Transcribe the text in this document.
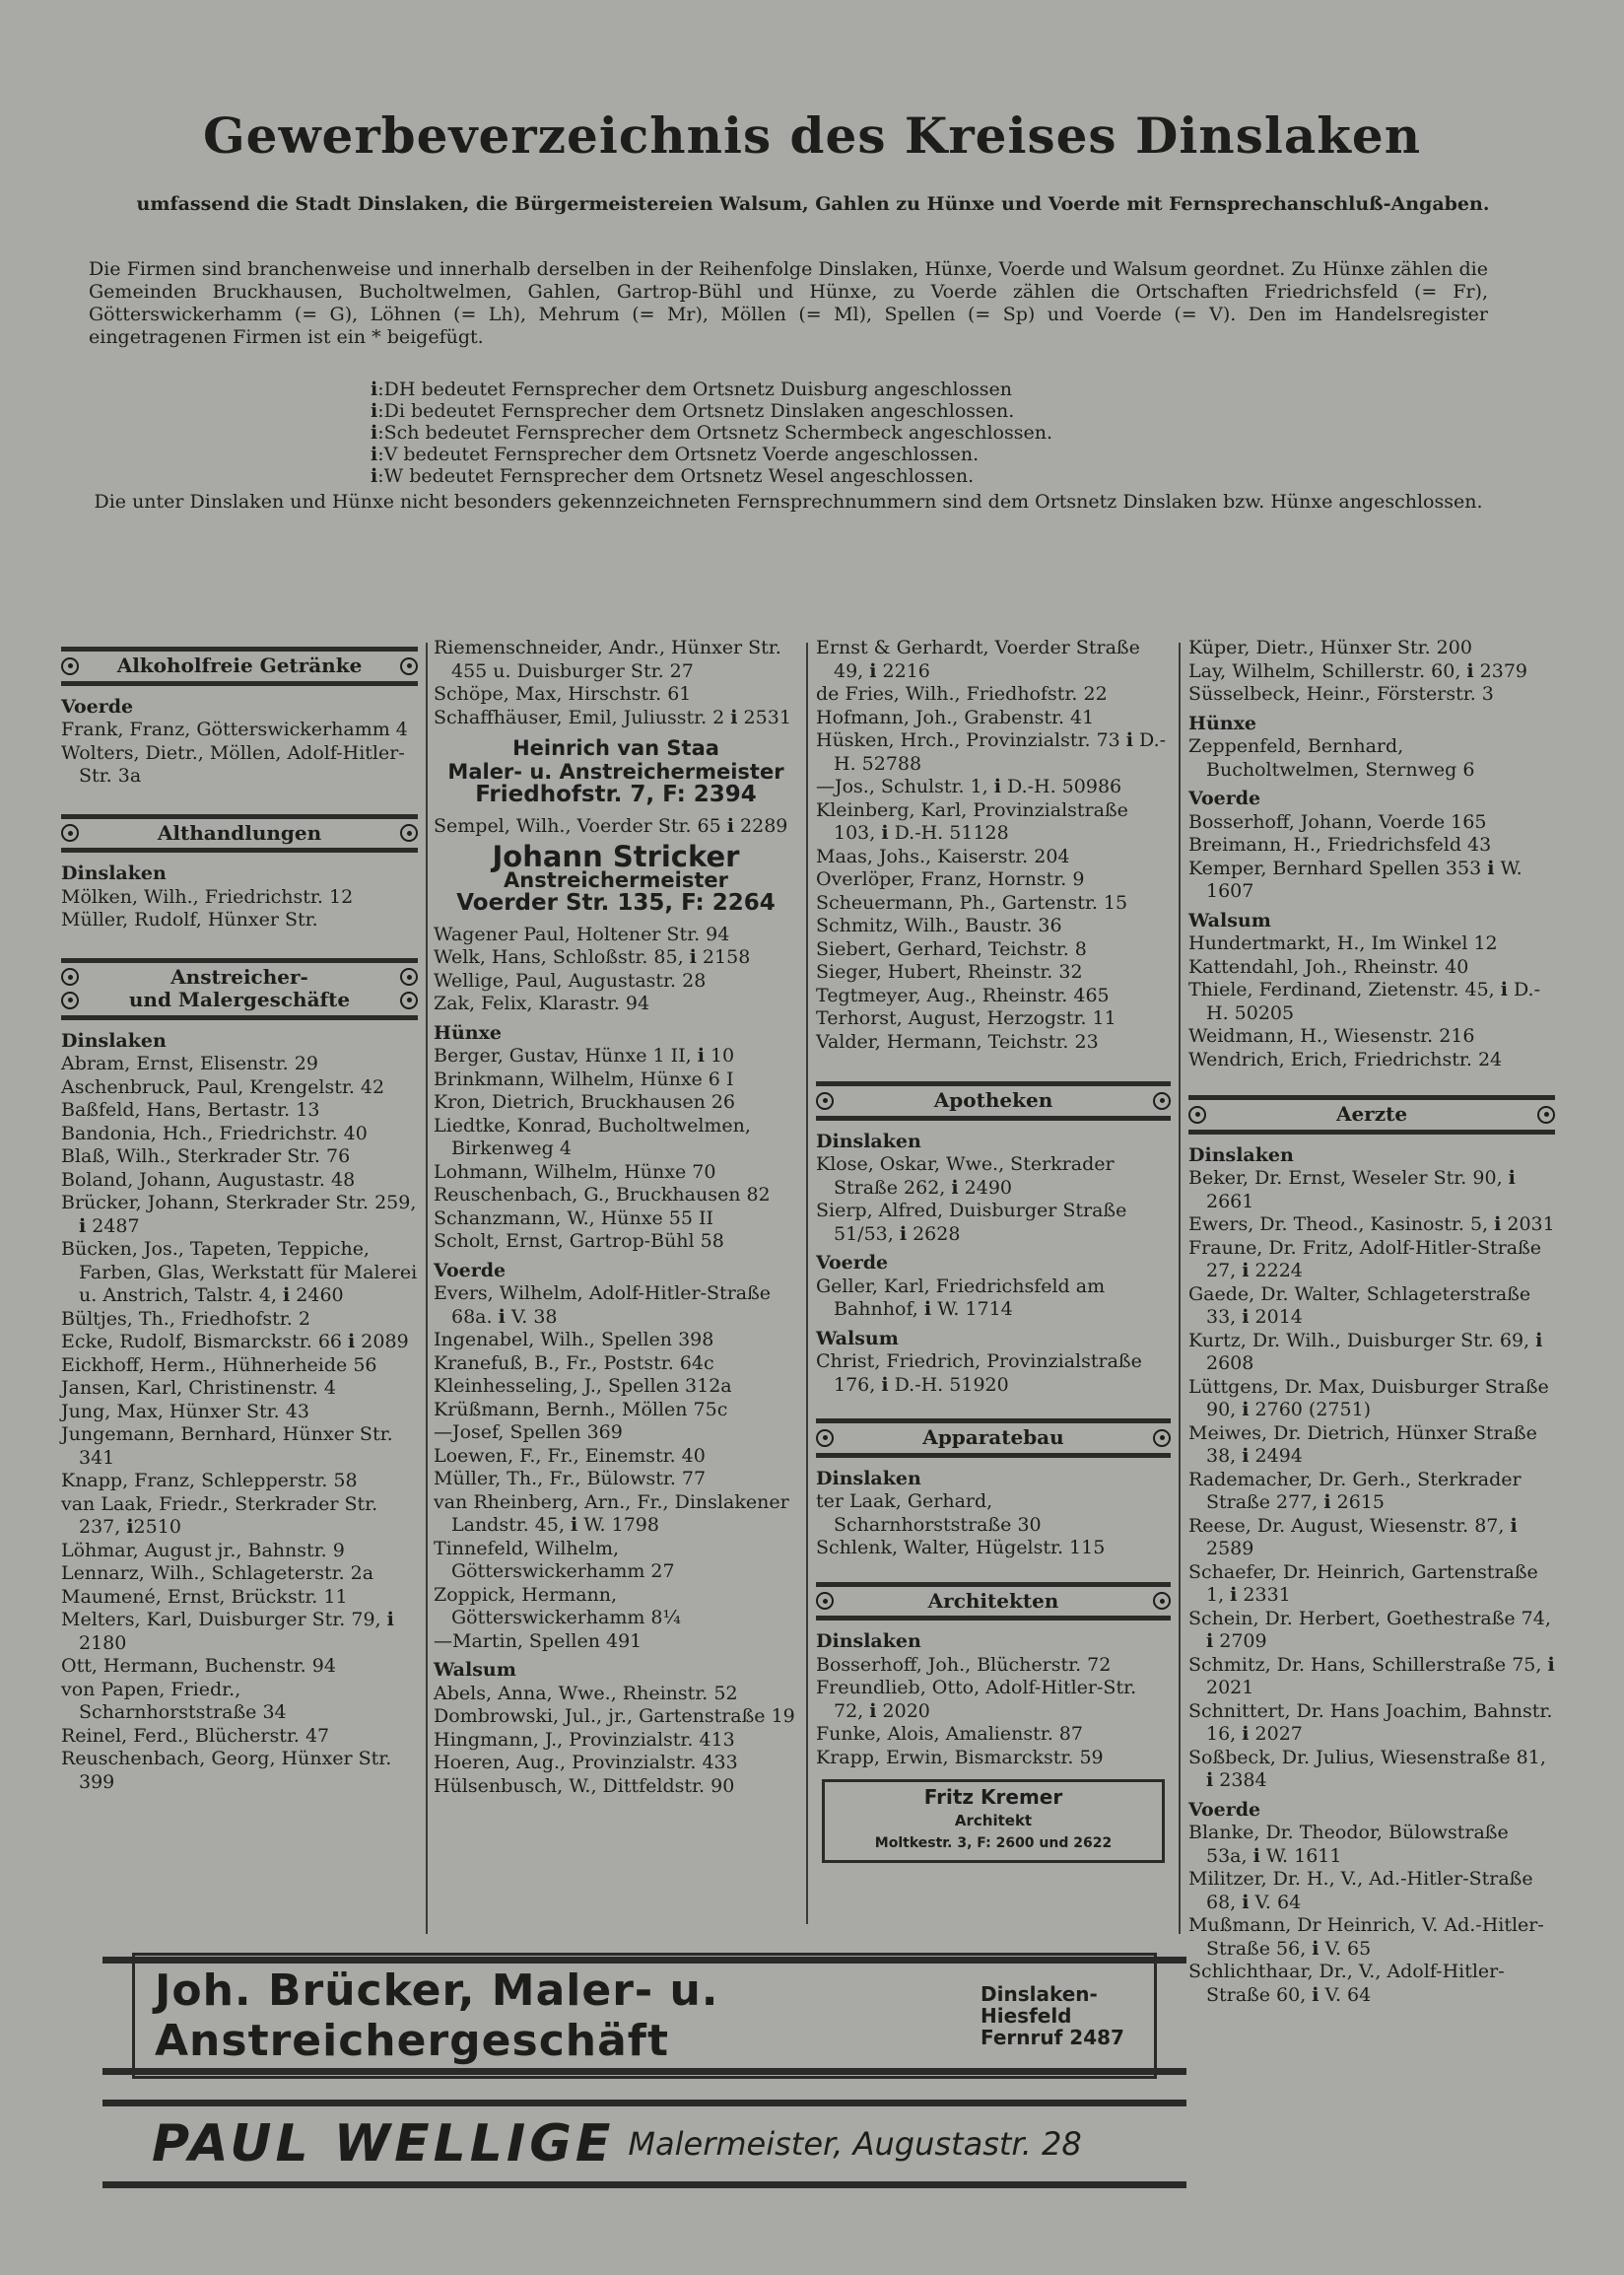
Gewerbeverzeichnis des Kreises Dinslaken
umfassend die Stadt Dinslaken, die Bürgermeistereien Walsum, Gahlen zu Hünxe und Voerde mit Fernsprechanschluß-Angaben.
Die Firmen sind branchenweise und innerhalb derselben in der Reihenfolge Dinslaken, Hünxe, Voerde und Walsum geordnet. Zu Hünxe zählen die Gemeinden Bruckhausen, Bucholtwelmen, Gahlen, Gartrop-Bühl und Hünxe, zu Voerde zählen die Ortschaften Friedrichsfeld (= Fr), Götterswickerhamm (= G), Löhnen (= Lh), Mehrum (= Mr), Möllen (= Ml), Spellen (= Sp) und Voerde (= V). Den im Handelsregister eingetragenen Firmen ist ein * beigefügt.
ℹ:DH bedeutet Fernsprecher dem Ortsnetz Duisburg angeschlossen
ℹ:Di bedeutet Fernsprecher dem Ortsnetz Dinslaken angeschlossen.
ℹ:Sch bedeutet Fernsprecher dem Ortsnetz Schermbeck angeschlossen.
ℹ:V bedeutet Fernsprecher dem Ortsnetz Voerde angeschlossen.
ℹ:W bedeutet Fernsprecher dem Ortsnetz Wesel angeschlossen.
Die unter Dinslaken und Hünxe nicht besonders gekennzeichneten Fernsprechnummern sind dem Ortsnetz Dinslaken bzw. Hünxe angeschlossen.
Alkoholfreie Getränke
Voerde
Frank, Franz, Götterswickerhamm 4
Wolters, Dietr., Möllen, Adolf-Hitler-Str. 3a
Althandlungen
Dinslaken
Mölken, Wilh., Friedrichstr. 12
Müller, Rudolf, Hünxer Str.
Anstreicher-
und Malergeschäfte
Dinslaken
Abram, Ernst, Elisenstr. 29
Aschenbruck, Paul, Krengelstr. 42
Baßfeld, Hans, Bertastr. 13
Bandonia, Hch., Friedrichstr. 40
Blaß, Wilh., Sterkrader Str. 76
Boland, Johann, Augustastr. 48
Brücker, Johann, Sterkrader Str. 259, ℹ 2487
Bücken, Jos., Tapeten, Teppiche, Farben, Glas, Werkstatt für Malerei u. Anstrich, Talstr. 4, ℹ 2460
Bültjes, Th., Friedhofstr. 2
Ecke, Rudolf, Bismarckstr. 66 ℹ 2089
Eickhoff, Herm., Hühnerheide 56
Jansen, Karl, Christinenstr. 4
Jung, Max, Hünxer Str. 43
Jungemann, Bernhard, Hünxer Str. 341
Knapp, Franz, Schlepperstr. 58
van Laak, Friedr., Sterkrader Str. 237, ℹ2510
Löhmar, August jr., Bahnstr. 9
Lennarz, Wilh., Schlageterstr. 2a
Maumené, Ernst, Brückstr. 11
Melters, Karl, Duisburger Str. 79, ℹ 2180
Ott, Hermann, Buchenstr. 94
von Papen, Friedr., Scharnhorststraße 34
Reinel, Ferd., Blücherstr. 47
Reuschenbach, Georg, Hünxer Str. 399
Riemenschneider, Andr., Hünxer Str. 455 u. Duisburger Str. 27
Schöpe, Max, Hirschstr. 61
Schaffhäuser, Emil, Juliusstr. 2 ℹ 2531
Heinrich van Staa
Maler- u. Anstreichermeister
Friedhofstr. 7, F: 2394
Sempel, Wilh., Voerder Str. 65 ℹ 2289
Johann Stricker
Anstreichermeister
Voerder Str. 135, F: 2264
Wagener Paul, Holtener Str. 94
Welk, Hans, Schloßstr. 85, ℹ 2158
Wellige, Paul, Augustastr. 28
Zak, Felix, Klarastr. 94
Hünxe
Berger, Gustav, Hünxe 1 II, ℹ 10
Brinkmann, Wilhelm, Hünxe 6 I
Kron, Dietrich, Bruckhausen 26
Liedtke, Konrad, Bucholtwelmen, Birkenweg 4
Lohmann, Wilhelm, Hünxe 70
Reuschenbach, G., Bruckhausen 82
Schanzmann, W., Hünxe 55 II
Scholt, Ernst, Gartrop-Bühl 58
Voerde
Evers, Wilhelm, Adolf-Hitler-Straße 68a. ℹ V. 38
Ingenabel, Wilh., Spellen 398
Kranefuß, B., Fr., Poststr. 64c
Kleinhesseling, J., Spellen 312a
Krüßmann, Bernh., Möllen 75c
—Josef, Spellen 369
Loewen, F., Fr., Einemstr. 40
Müller, Th., Fr., Bülowstr. 77
van Rheinberg, Arn., Fr., Dinslakener Landstr. 45, ℹ W. 1798
Tinnefeld, Wilhelm, Götterswickerhamm 27
Zoppick, Hermann, Götterswickerhamm 8¼
—Martin, Spellen 491
Walsum
Abels, Anna, Wwe., Rheinstr. 52
Dombrowski, Jul., jr., Gartenstraße 19
Hingmann, J., Provinzialstr. 413
Hoeren, Aug., Provinzialstr. 433
Hülsenbusch, W., Dittfeldstr. 90
Ernst & Gerhardt, Voerder Straße 49, ℹ 2216
de Fries, Wilh., Friedhofstr. 22
Hofmann, Joh., Grabenstr. 41
Hüsken, Hrch., Provinzialstr. 73 ℹ D.-H. 52788
—Jos., Schulstr. 1, ℹ D.-H. 50986
Kleinberg, Karl, Provinzialstraße 103, ℹ D.-H. 51128
Maas, Johs., Kaiserstr. 204
Overlöper, Franz, Hornstr. 9
Scheuermann, Ph., Gartenstr. 15
Schmitz, Wilh., Baustr. 36
Siebert, Gerhard, Teichstr. 8
Sieger, Hubert, Rheinstr. 32
Tegtmeyer, Aug., Rheinstr. 465
Terhorst, August, Herzogstr. 11
Valder, Hermann, Teichstr. 23
Apotheken
Dinslaken
Klose, Oskar, Wwe., Sterkrader Straße 262, ℹ 2490
Sierp, Alfred, Duisburger Straße 51/53, ℹ 2628
Voerde
Geller, Karl, Friedrichsfeld am Bahnhof, ℹ W. 1714
Walsum
Christ, Friedrich, Provinzialstraße 176, ℹ D.-H. 51920
Apparatebau
Dinslaken
ter Laak, Gerhard, Scharnhorststraße 30
Schlenk, Walter, Hügelstr. 115
Architekten
Dinslaken
Bosserhoff, Joh., Blücherstr. 72
Freundlieb, Otto, Adolf-Hitler-Str. 72, ℹ 2020
Funke, Alois, Amalienstr. 87
Krapp, Erwin, Bismarckstr. 59
Fritz Kremer
Architekt
Moltkestr. 3, F: 2600 und 2622
Küper, Dietr., Hünxer Str. 200
Lay, Wilhelm, Schillerstr. 60, ℹ 2379
Süsselbeck, Heinr., Försterstr. 3
Hünxe
Zeppenfeld, Bernhard, Bucholtwelmen, Sternweg 6
Voerde
Bosserhoff, Johann, Voerde 165
Breimann, H., Friedrichsfeld 43
Kemper, Bernhard Spellen 353 ℹ W. 1607
Walsum
Hundertmarkt, H., Im Winkel 12
Kattendahl, Joh., Rheinstr. 40
Thiele, Ferdinand, Zietenstr. 45, ℹ D.-H. 50205
Weidmann, H., Wiesenstr. 216
Wendrich, Erich, Friedrichstr. 24
Aerzte
Dinslaken
Beker, Dr. Ernst, Weseler Str. 90, ℹ 2661
Ewers, Dr. Theod., Kasinostr. 5, ℹ 2031
Fraune, Dr. Fritz, Adolf-Hitler-Straße 27, ℹ 2224
Gaede, Dr. Walter, Schlageterstraße 33, ℹ 2014
Kurtz, Dr. Wilh., Duisburger Str. 69, ℹ 2608
Lüttgens, Dr. Max, Duisburger Straße 90, ℹ 2760 (2751)
Meiwes, Dr. Dietrich, Hünxer Straße 38, ℹ 2494
Rademacher, Dr. Gerh., Sterkrader Straße 277, ℹ 2615
Reese, Dr. August, Wiesenstr. 87, ℹ 2589
Schaefer, Dr. Heinrich, Gartenstraße 1, ℹ 2331
Schein, Dr. Herbert, Goethestraße 74, ℹ 2709
Schmitz, Dr. Hans, Schillerstraße 75, ℹ 2021
Schnittert, Dr. Hans Joachim, Bahnstr. 16, ℹ 2027
Soßbeck, Dr. Julius, Wiesenstraße 81, ℹ 2384
Voerde
Blanke, Dr. Theodor, Bülowstraße 53a, ℹ W. 1611
Militzer, Dr. H., V., Ad.-Hitler-Straße 68, ℹ V. 64
Mußmann, Dr Heinrich, V. Ad.-Hitler-Straße 56, ℹ V. 65
Schlichthaar, Dr., V., Adolf-Hitler-Straße 60, ℹ V. 64
Joh. Brücker, Maler- u. Anstreichergeschäft
Dinslaken-Hiesfeld
Fernruf 2487
PAUL WELLIGE Malermeister, Augustastr. 28
